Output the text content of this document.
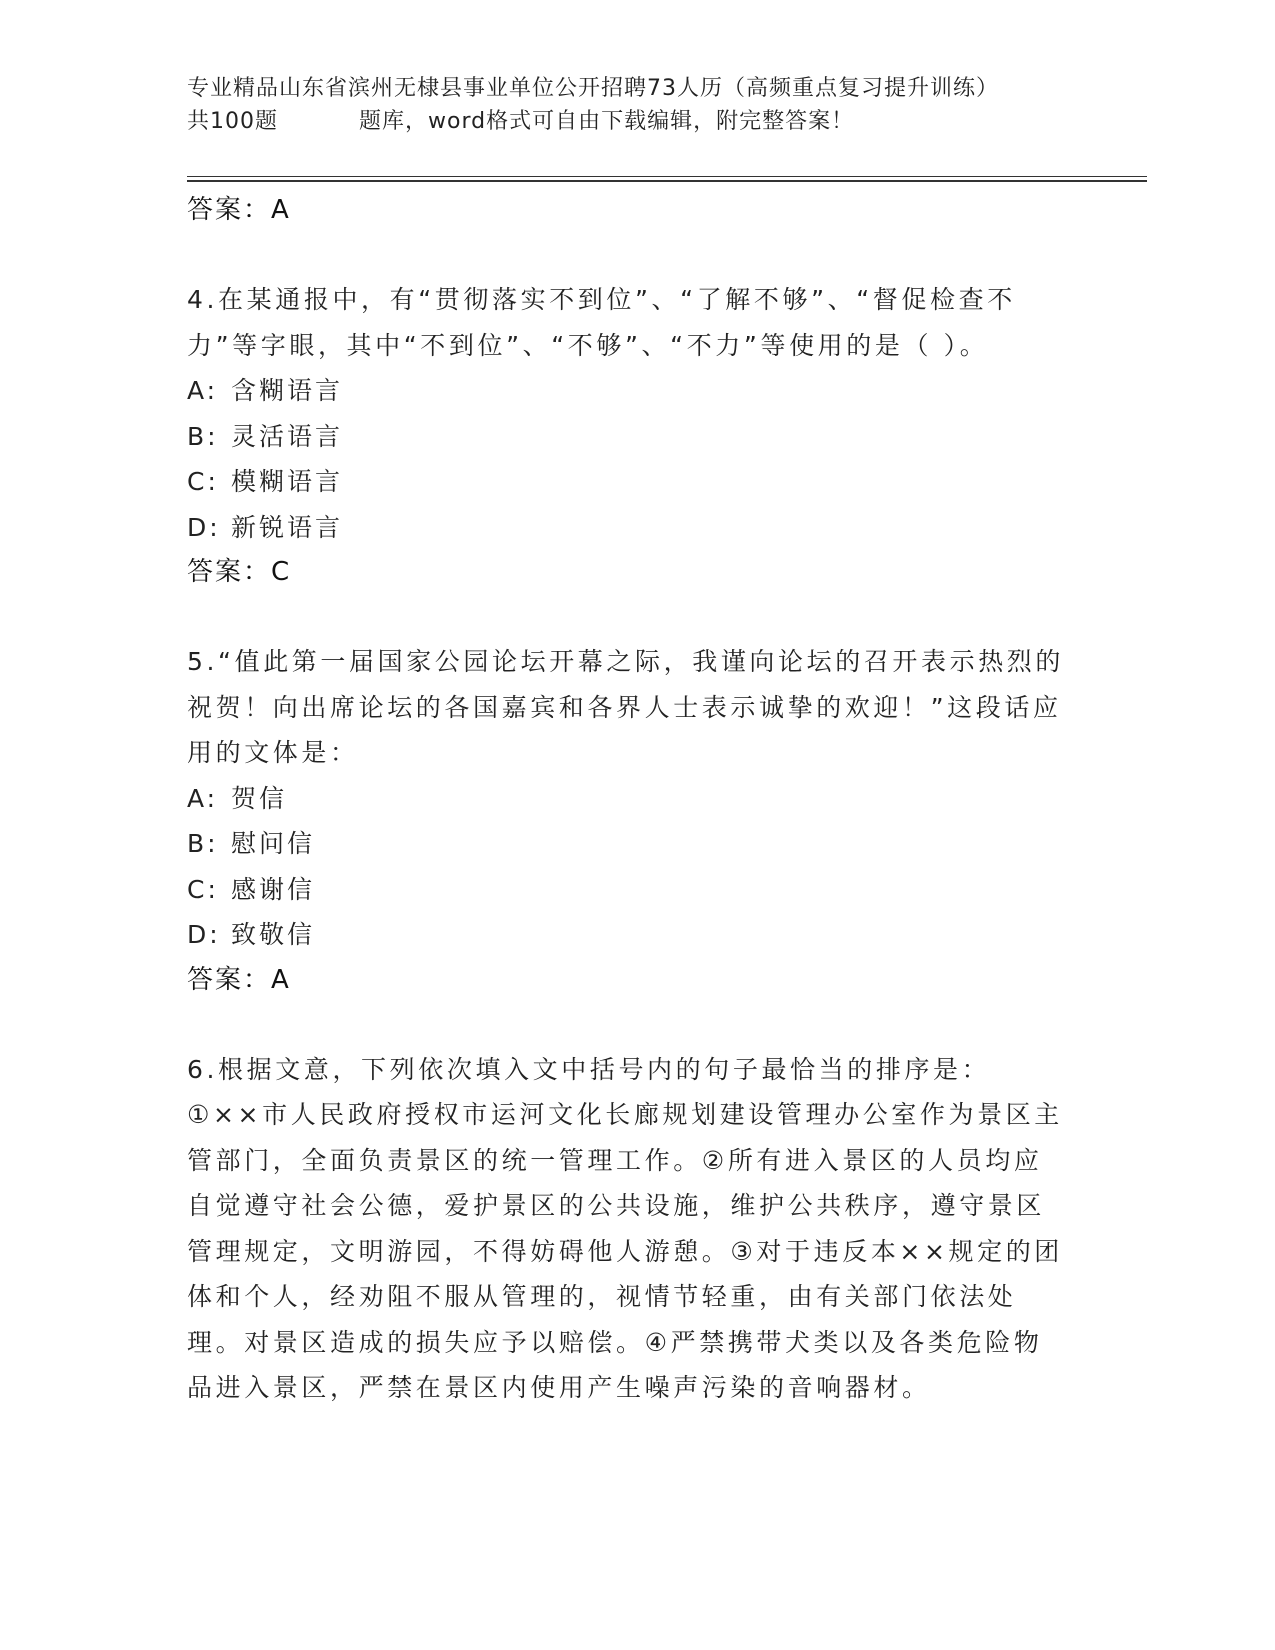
专业精品山东省滨州无棣县事业单位公开招聘73人历（高频重点复习提升训练）
共100题	题库，word格式可自由下载编辑，附完整答案！
答案：A

4.在某通报中，有“贯彻落实不到位”、“了解不够”、“督促检查不力”等字眼，其中“不到位”、“不够”、“不力”等使用的是（ ）。

A: 含糊语言
B: 灵活语言
C: 模糊语言
D: 新锐语言
答案：C

5.“值此第一届国家公园论坛开幕之际，我谨向论坛的召开表示热烈的祝贺！向出席论坛的各国嘉宾和各界人士表示诚挚的欢迎！”这段话应用的文体是：

A: 贺信
B: 慰问信
C: 感谢信
D: 致敬信
答案：A

6.根据文意，下列依次填入文中括号内的句子最恰当的排序是：

①××市人民政府授权市运河文化长廊规划建设管理办公室作为景区主管部门，全面负责景区的统一管理工作。②所有进入景区的人员均应自觉遵守社会公德，爱护景区的公共设施，维护公共秩序，遵守景区管理规定，文明游园，不得妨碍他人游憩。③对于违反本××规定的团体和个人，经劝阻不服从管理的，视情节轻重，由有关部门依法处理。对景区造成的损失应予以赔偿。④严禁携带犬类以及各类危险物品进入景区，严禁在景区内使用产生噪声污染的音响器材。
